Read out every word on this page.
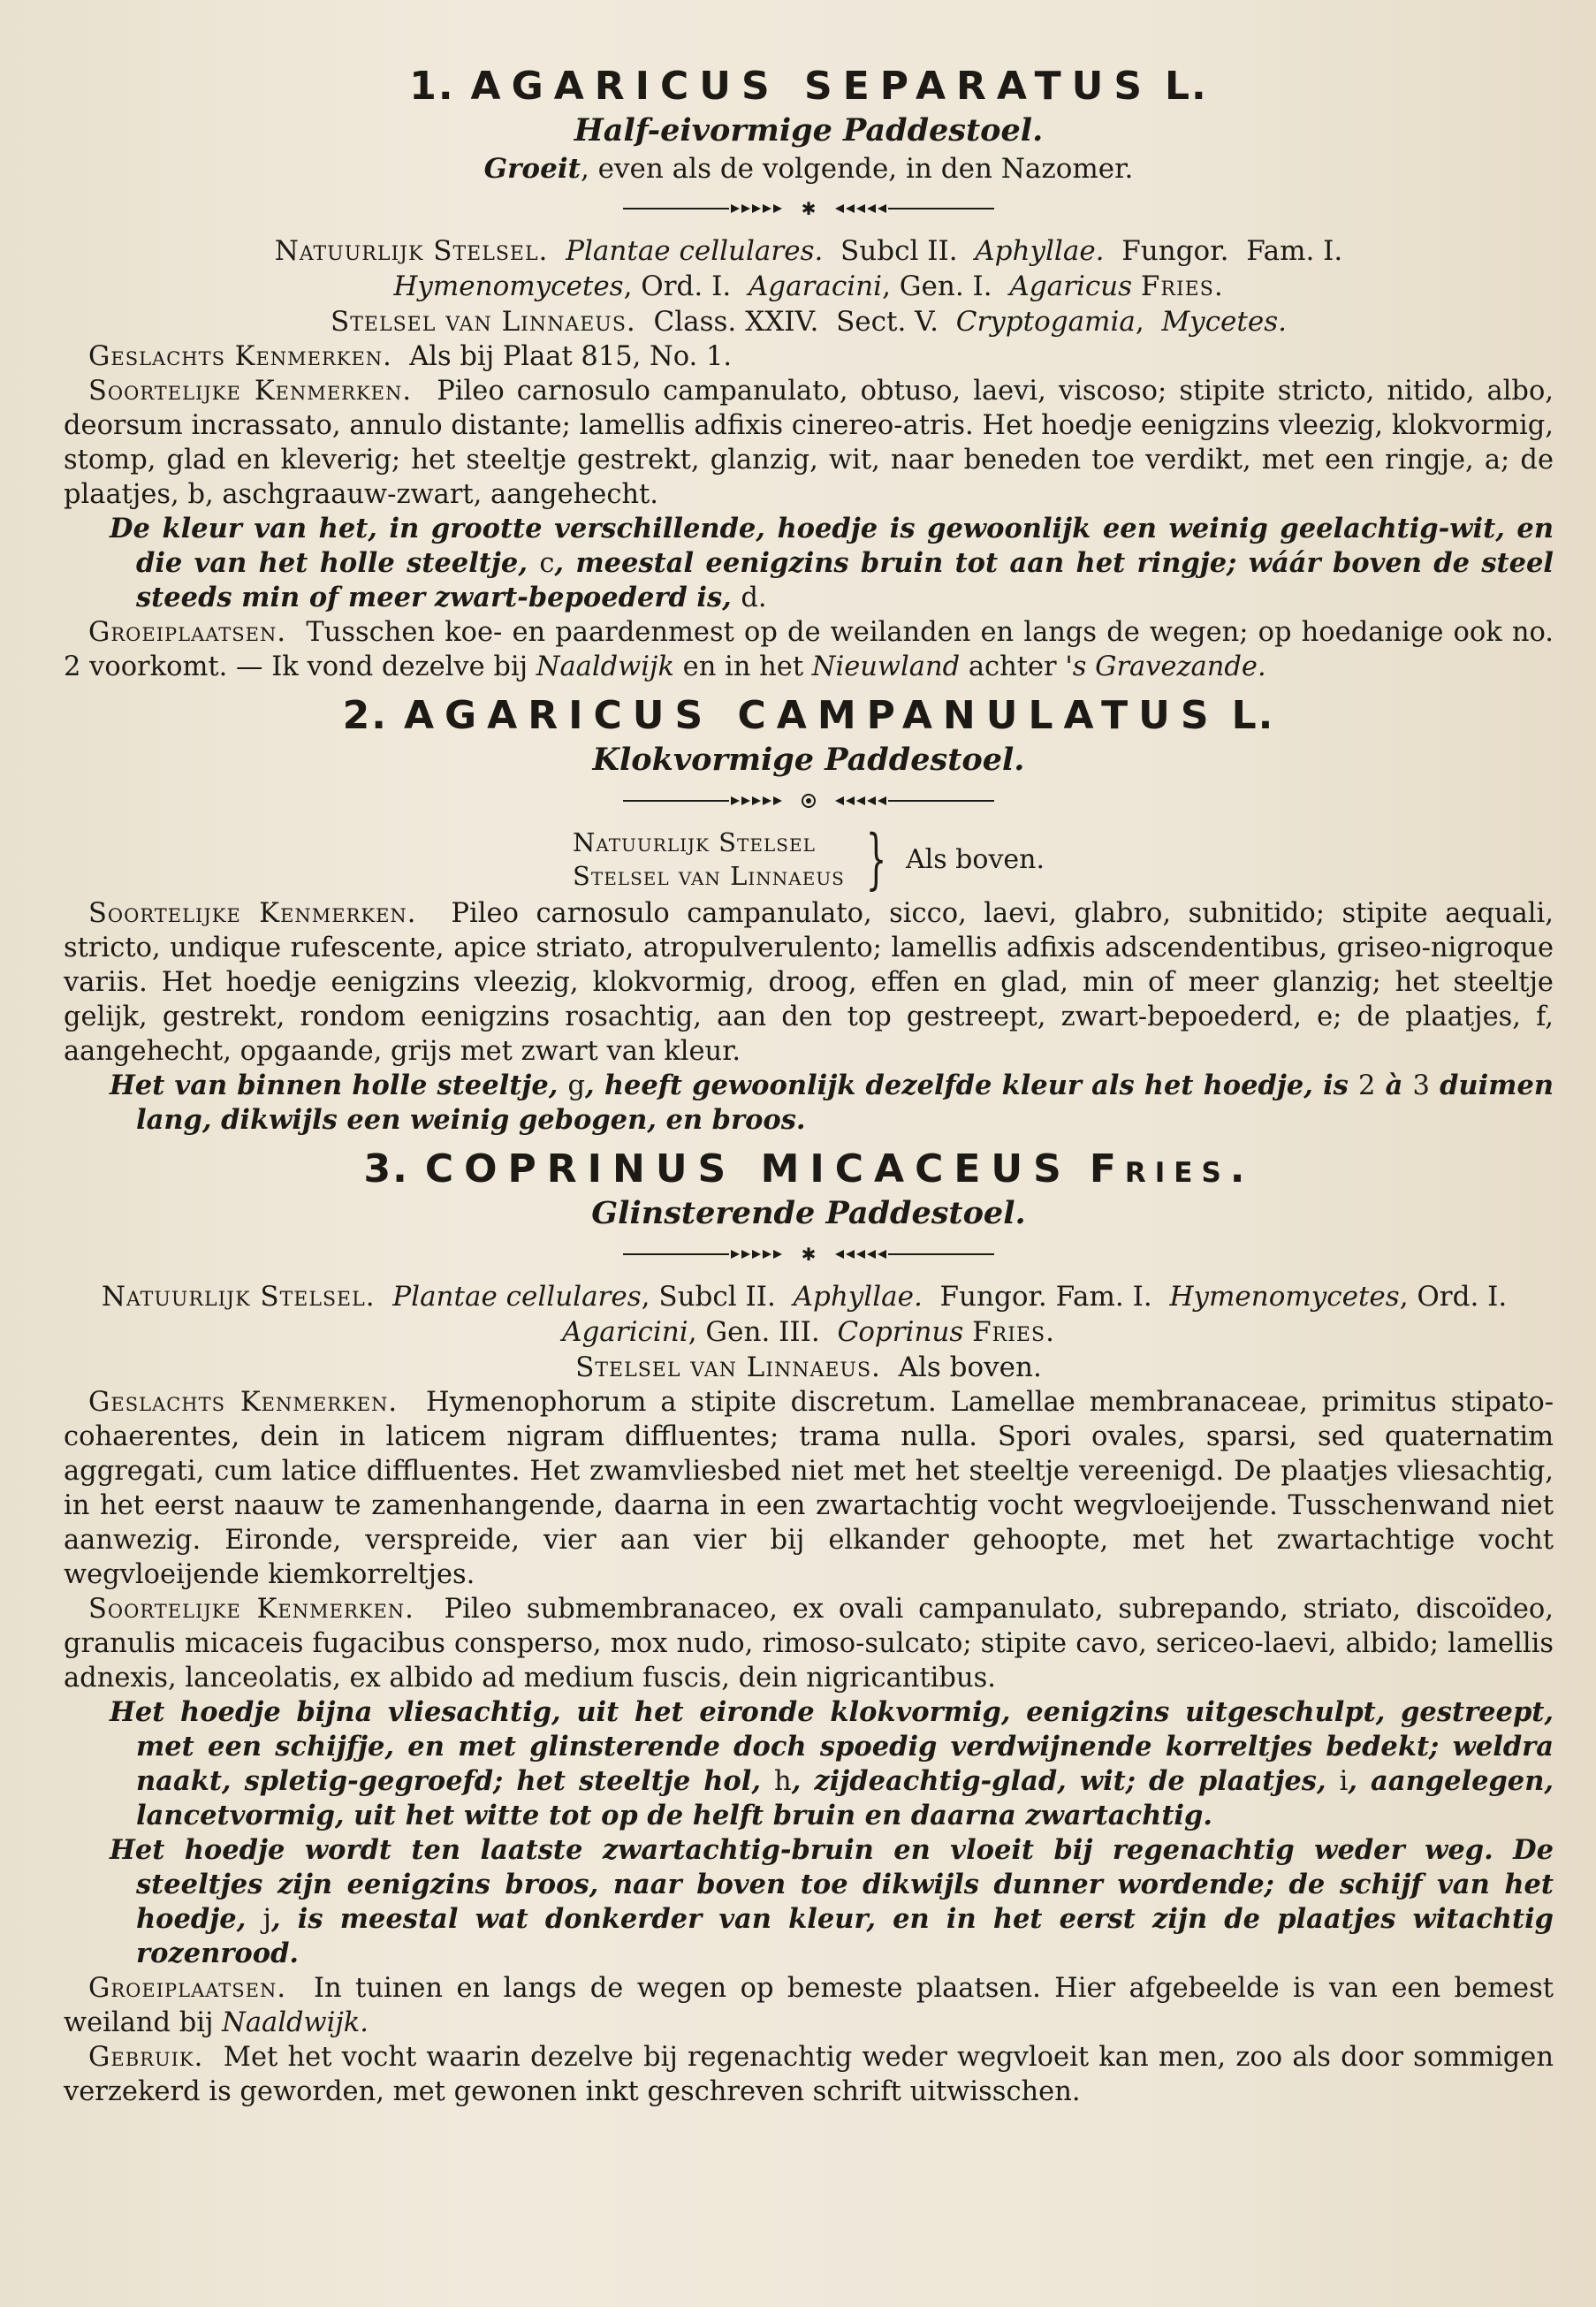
1. AGARICUS SEPARATUS L.

Half-eivormige Paddestoel.

Groeit, even als de volgende, in den Nazomer.

✱

Natuurlijk Stelsel. Plantae cellulares. Subcl II. Aphyllae. Fungor. Fam. I.

Hymenomycetes, Ord. I. Agaracini, Gen. I. Agaricus Fries.

Stelsel van Linnaeus. Class. XXIV. Sect. V. Cryptogamia, Mycetes.

Geslachts Kenmerken. Als bij Plaat 815, No. 1.

Soortelijke Kenmerken. Pileo carnosulo campanulato, obtuso, laevi, viscoso; stipite stricto, nitido, albo, deorsum incrassato, annulo distante; lamellis adfixis cinereo-atris. Het hoedje eenigzins vleezig, klokvormig, stomp, glad en kleverig; het steeltje gestrekt, glanzig, wit, naar beneden toe verdikt, met een ringje, a; de plaatjes, b, aschgraauw-zwart, aangehecht.

De kleur van het, in grootte verschillende, hoedje is gewoonlijk een weinig geelachtig-wit, en die van het holle steeltje, c, meestal eenigzins bruin tot aan het ringje; wáár boven de steel steeds min of meer zwart-bepoederd is, d.

Groeiplaatsen. Tusschen koe- en paardenmest op de weilanden en langs de wegen; op hoedanige ook no. 2 voorkomt. — Ik vond dezelve bij Naaldwijk en in het Nieuwland achter 's Gravezande.

2. AGARICUS CAMPANULATUS L.

Klokvormige Paddestoel.

Natuurlijk Stelsel
Stelsel van Linnaeus } Als boven.

Soortelijke Kenmerken. Pileo carnosulo campanulato, sicco, laevi, glabro, subnitido; stipite aequali, stricto, undique rufescente, apice striato, atropulverulento; lamellis adfixis adscendentibus, griseo-nigroque variis. Het hoedje eenigzins vleezig, klokvormig, droog, effen en glad, min of meer glanzig; het steeltje gelijk, gestrekt, rondom eenigzins rosachtig, aan den top gestreept, zwart-bepoederd, e; de plaatjes, f, aangehecht, opgaande, grijs met zwart van kleur.

Het van binnen holle steeltje, g, heeft gewoonlijk dezelfde kleur als het hoedje, is 2 à 3 duimen lang, dikwijls een weinig gebogen, en broos.

3. COPRINUS MICACEUS Fries.

Glinsterende Paddestoel.

✱

Natuurlijk Stelsel. Plantae cellulares, Subcl II. Aphyllae. Fungor. Fam. I. Hymenomycetes, Ord. I.  Agaricini, Gen. III. Coprinus Fries.

Stelsel van Linnaeus. Als boven.

Geslachts Kenmerken. Hymenophorum a stipite discretum. Lamellae membranaceae, primitus stipato-cohaerentes, dein in laticem nigram diffluentes; trama nulla. Spori ovales, sparsi, sed quaternatim aggregati, cum latice diffluentes. Het zwamvliesbed niet met het steeltje vereenigd. De plaatjes vliesachtig, in het eerst naauw te zamenhangende, daarna in een zwartachtig vocht wegvloeijende. Tusschenwand niet aanwezig. Eironde, verspreide, vier aan vier bij elkander gehoopte, met het zwartachtige vocht wegvloeijende kiemkorreltjes.

Soortelijke Kenmerken. Pileo submembranaceo, ex ovali campanulato, subrepando, striato, discoïdeo, granulis micaceis fugacibus consperso, mox nudo, rimoso-sulcato; stipite cavo, sericeo-laevi, albido; lamellis adnexis, lanceolatis, ex albido ad medium fuscis, dein nigricantibus.

Het hoedje bijna vliesachtig, uit het eironde klokvormig, eenigzins uitgeschulpt, gestreept, met een schijfje, en met glinsterende doch spoedig verdwijnende korreltjes bedekt; weldra naakt, spletig-gegroefd; het steeltje hol, h, zijdeachtig-glad, wit; de plaatjes, i, aangelegen, lancetvormig, uit het witte tot op de helft bruin en daarna zwartachtig.

Het hoedje wordt ten laatste zwartachtig-bruin en vloeit bij regenachtig weder weg. De steeltjes zijn eenigzins broos, naar boven toe dikwijls dunner wordende; de schijf van het hoedje, j, is meestal wat donkerder van kleur, en in het eerst zijn de plaatjes witachtig rozenrood.

Groeiplaatsen. In tuinen en langs de wegen op bemeste plaatsen. Hier afgebeelde is van een bemest weiland bij Naaldwijk.

Gebruik. Met het vocht waarin dezelve bij regenachtig weder wegvloeit kan men, zoo als door sommigen verzekerd is geworden, met gewonen inkt geschreven schrift uitwisschen.
